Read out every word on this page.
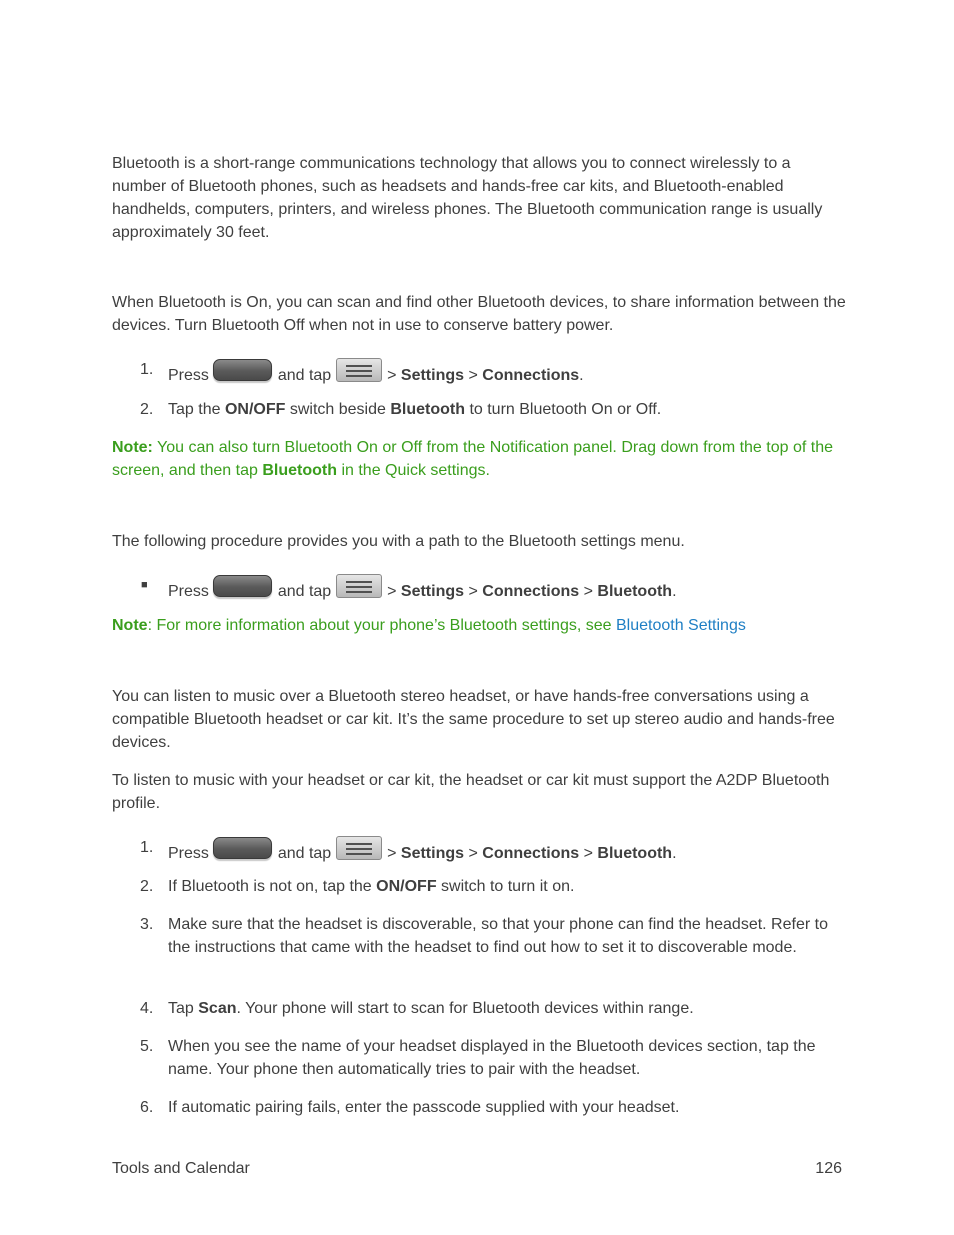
Bluetooth is a short-range communications technology that allows you to connect wirelessly to a number of Bluetooth phones, such as headsets and hands-free car kits, and Bluetooth-enabled handhelds, computers, printers, and wireless phones. The Bluetooth communication range is usually approximately 30 feet.

When Bluetooth is On, you can scan and find other Bluetooth devices, to share information between the devices. Turn Bluetooth Off when not in use to conserve battery power.

1. Press	and tap	> Settings > Connections.
2. Tap the ON/OFF switch beside Bluetooth to turn Bluetooth On or Off.

Note: You can also turn Bluetooth On or Off from the Notification panel. Drag down from the top of the screen, and then tap Bluetooth in the Quick settings.

The following procedure provides you with a path to the Bluetooth settings menu.

■ Press	and tap	> Settings > Connections > Bluetooth.

Note: For more information about your phone’s Bluetooth settings, see Bluetooth Settings

You can listen to music over a Bluetooth stereo headset, or have hands-free conversations using a compatible Bluetooth headset or car kit. It’s the same procedure to set up stereo audio and hands-free devices.

To listen to music with your headset or car kit, the headset or car kit must support the A2DP Bluetooth profile.

1. Press	and tap	> Settings > Connections > Bluetooth.
2. If Bluetooth is not on, tap the ON/OFF switch to turn it on.
3. Make sure that the headset is discoverable, so that your phone can find the headset. Refer to the instructions that came with the headset to find out how to set it to discoverable mode.
4. Tap Scan. Your phone will start to scan for Bluetooth devices within range.
5. When you see the name of your headset displayed in the Bluetooth devices section, tap the name. Your phone then automatically tries to pair with the headset.
6. If automatic pairing fails, enter the passcode supplied with your headset.
Tools and Calendar	126
